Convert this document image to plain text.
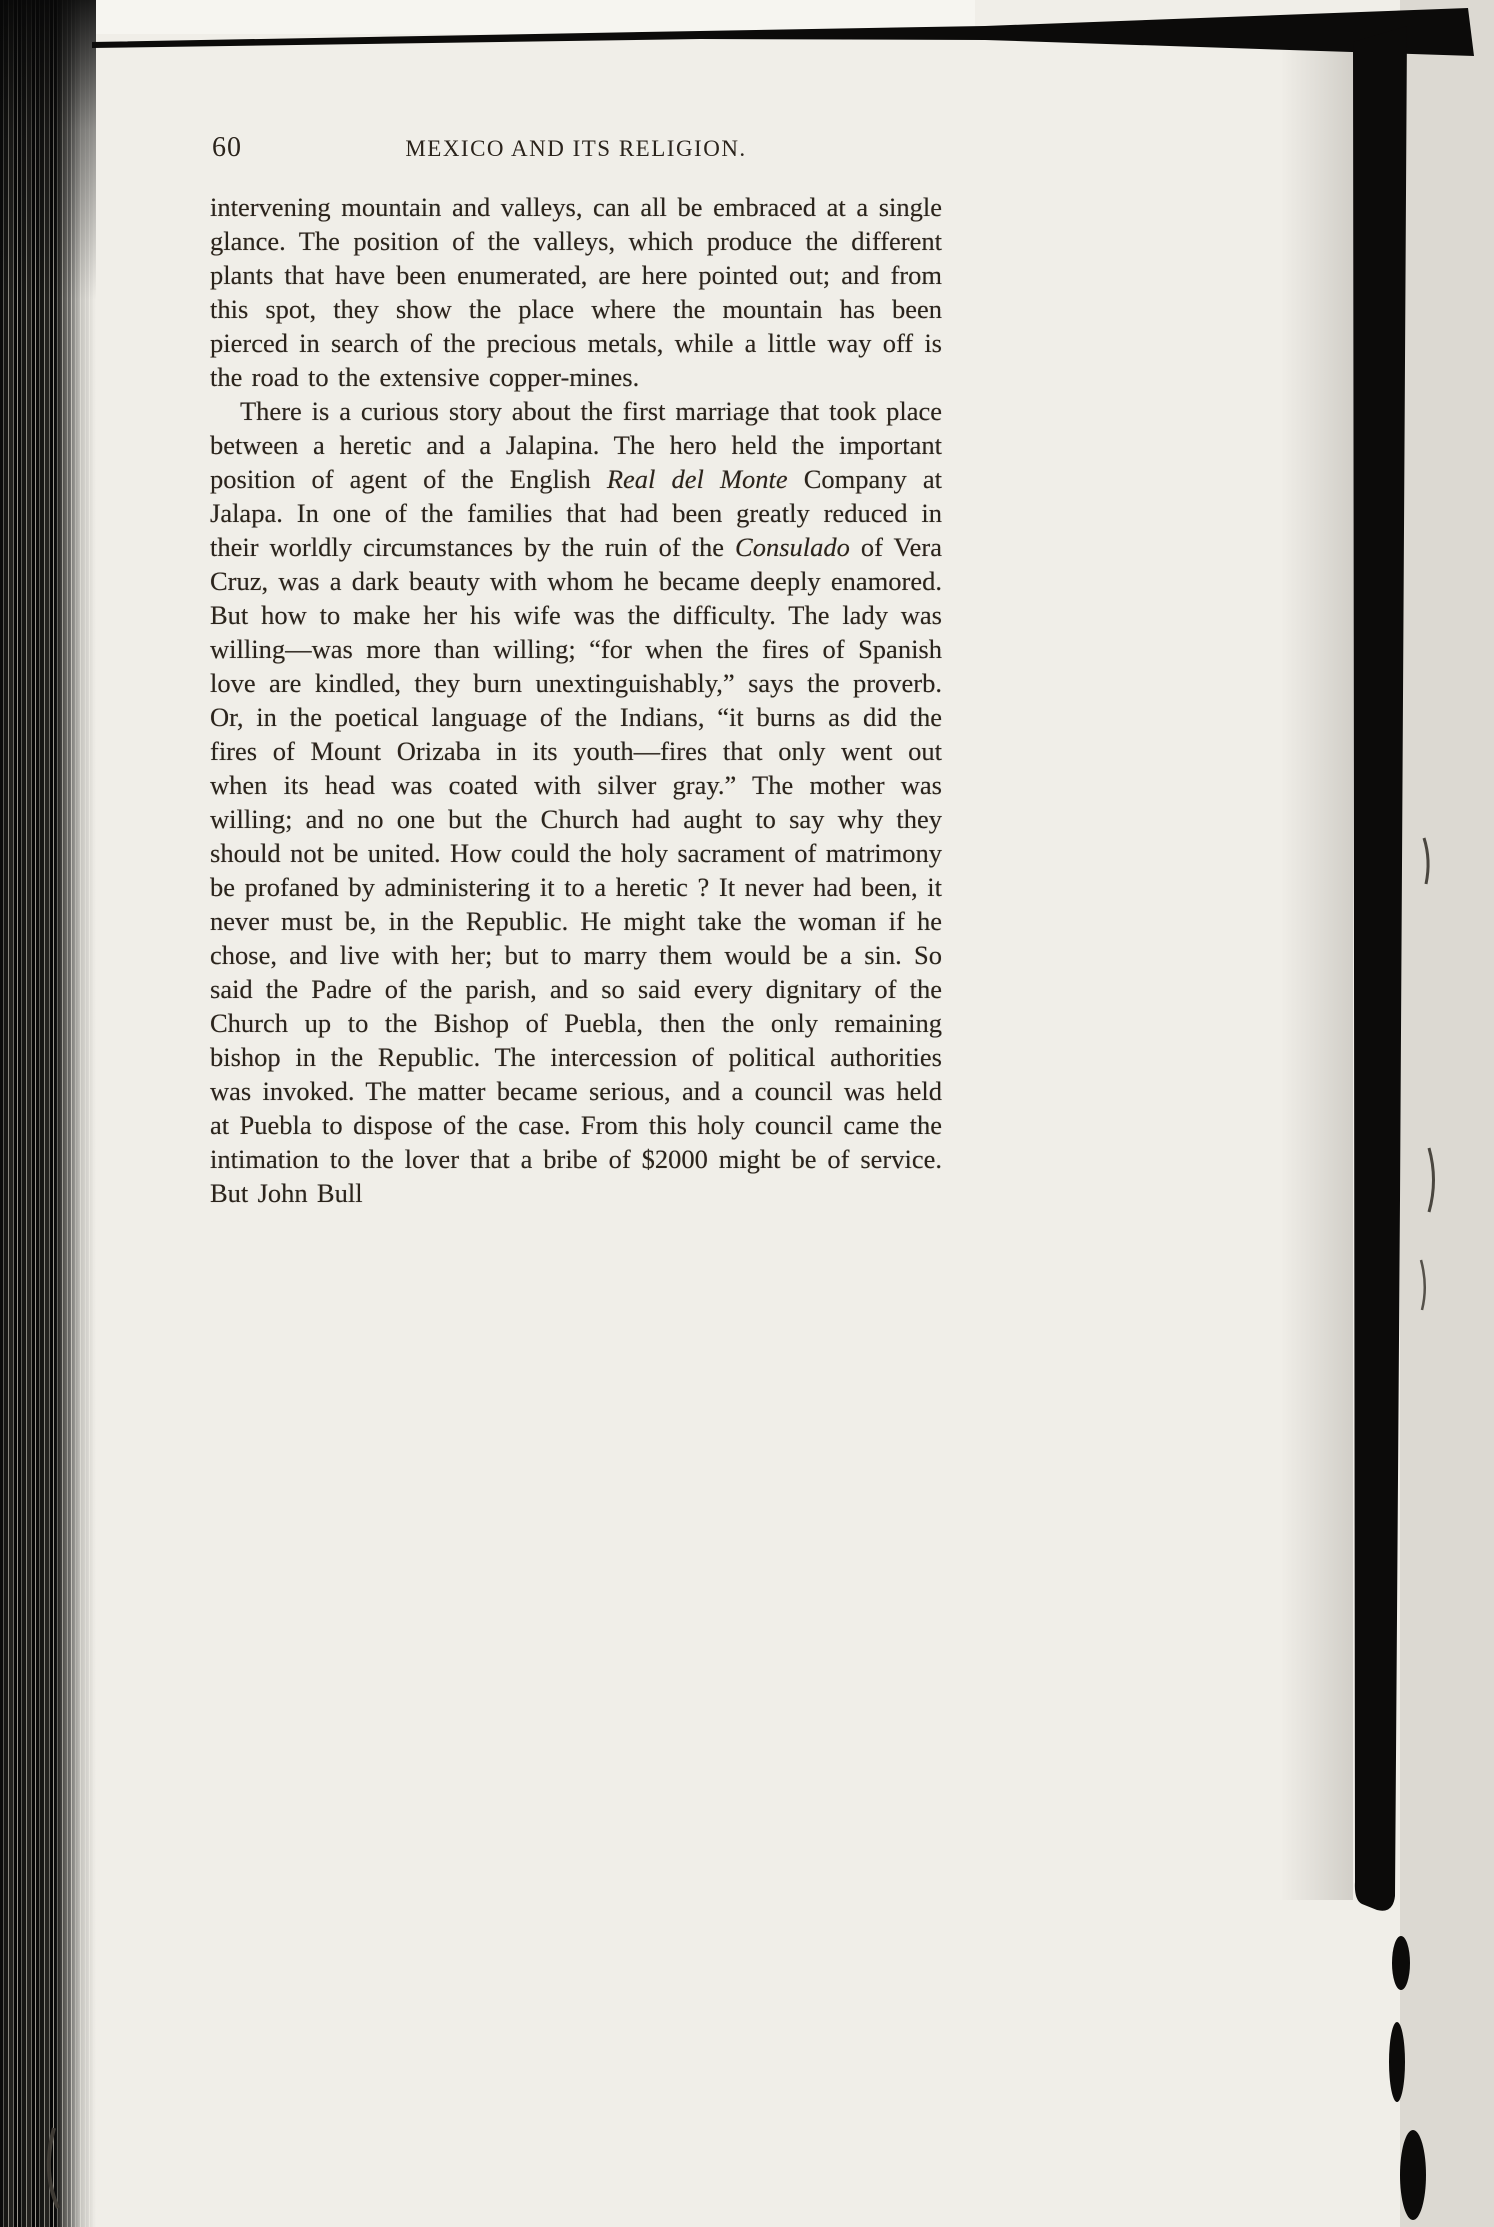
60	MEXICO AND ITS RELIGION.

intervening mountain and valleys, can all be embraced at a single glance. The position of the valleys, which produce the different plants that have been enumerated, are here pointed out; and from this spot, they show the place where the mountain has been pierced in search of the precious metals, while a little way off is the road to the extensive copper-mines.

There is a curious story about the first marriage that took place between a heretic and a Jalapina. The hero held the important position of agent of the English Real del Monte Company at Jalapa. In one of the families that had been greatly reduced in their worldly circumstances by the ruin of the Consulado of Vera Cruz, was a dark beauty with whom he became deeply enamored. But how to make her his wife was the difficulty. The lady was willing—was more than willing; “for when the fires of Spanish love are kindled, they burn unextinguishably,” says the proverb. Or, in the poetical language of the Indians, “it burns as did the fires of Mount Orizaba in its youth—fires that only went out when its head was coated with silver gray.” The mother was willing; and no one but the Church had aught to say why they should not be united. How could the holy sacrament of matrimony be profaned by administering it to a heretic ? It never had been, it never must be, in the Republic. He might take the woman if he chose, and live with her; but to marry them would be a sin. So said the Padre of the parish, and so said every dignitary of the Church up to the Bishop of Puebla, then the only remaining bishop in the Republic. The intercession of political authorities was invoked. The matter became serious, and a council was held at Puebla to dispose of the case. From this holy council came the intimation to the lover that a bribe of $2000 might be of service. But John Bull
